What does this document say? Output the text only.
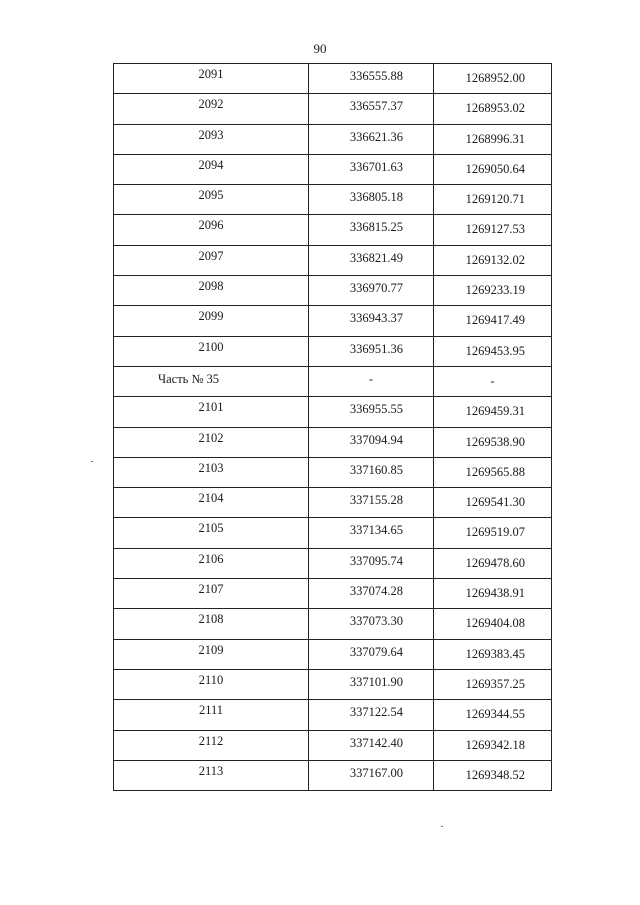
90
2091	336555.88	1268952.00

2092	336557.37	1268953.02

2093	336621.36	1268996.31

2094	336701.63	1269050.64

2095	336805.18	1269120.71

2096	336815.25	1269127.53

2097	336821.49	1269132.02

2098	336970.77	1269233.19

2099	336943.37	1269417.49

2100	336951.36	1269453.95

Часть № 35	-	-

2101	336955.55	1269459.31

2102	337094.94	1269538.90

2103	337160.85	1269565.88

2104	337155.28	1269541.30

2105	337134.65	1269519.07

2106	337095.74	1269478.60

2107	337074.28	1269438.91

2108	337073.30	1269404.08

2109	337079.64	1269383.45

2110	337101.90	1269357.25

2111	337122.54	1269344.55

2112	337142.40	1269342.18

2113	337167.00	1269348.52
